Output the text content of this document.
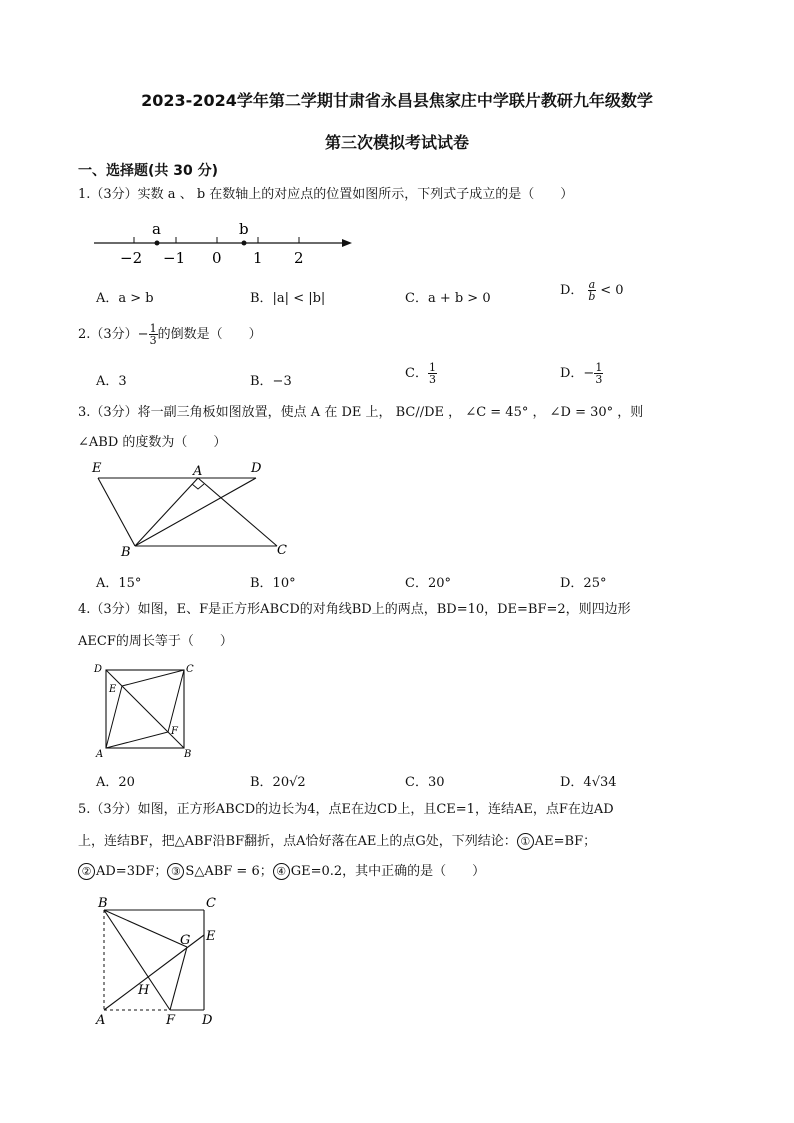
2023-2024学年第二学期甘肃省永昌县焦家庄中学联片教研九年级数学
第三次模拟考试试卷
一、选择题(共 30 分)
1.（3分）实数 a 、 b 在数轴上的对应点的位置如图所示，下列式子成立的是（　　）
a	b
−2 −1 0 1 2
A．a > b	B．|a| < |b|	C．a + b > 0
D． $\frac{a}{b} < 0$
2.（3分）− $\frac{1}{3}$ 的倒数是（　　）
A．3	B．−3
C． $\frac{1}{3}$	D．− $\frac{1}{3}$
3.（3分）将一副三角板如图放置，使点 A 在 DE 上， BC//DE ， ∠C = 45° ， ∠D = 30° ，则
∠ABD 的度数为（　　）
E	A	D
B	C
A．15°	B．10°	C．20°	D．25°
4.（3分）如图，E、F是正方形ABCD的对角线BD上的两点，BD=10，DE=BF=2，则四边形
AECF的周长等于（　　）
D	C
E
F
A	B
A．20	B．20√2	C．30	D．4√34
5.（3分）如图，正方形ABCD的边长为4，点E在边CD上，且CE=1，连结AE，点F在边AD
上，连结BF，把△ABF沿BF翻折，点A恰好落在AE上的点G处，下列结论： ① AE=BF；
② AD=3DF； ③ S△ABF = 6； ④ GE=0.2，其中正确的是（　　）
B	C
G E
H
A	F D
